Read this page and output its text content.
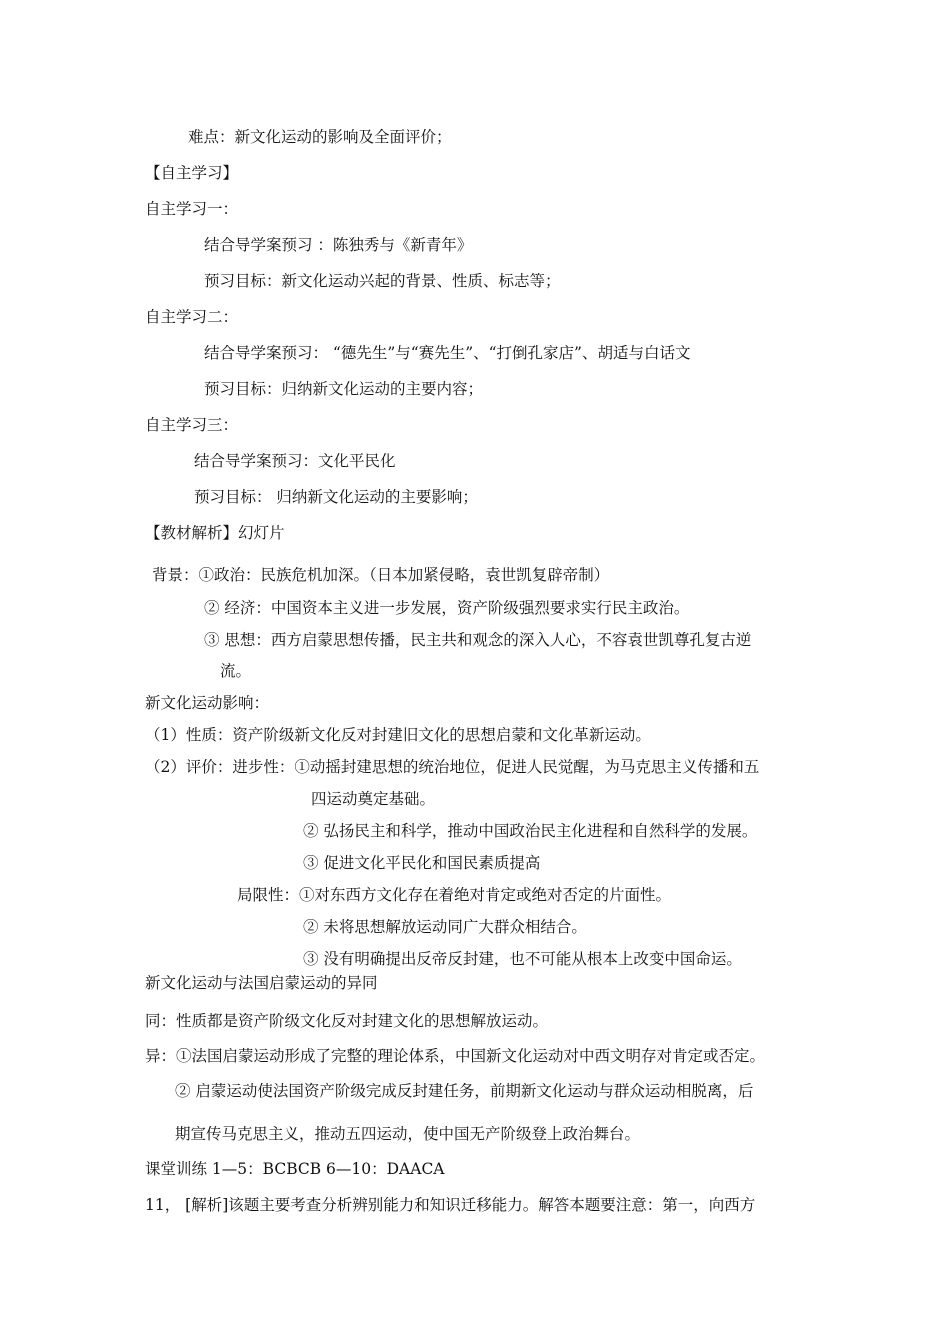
难点：新文化运动的影响及全面评价；
【自主学习】
自主学习一：
结合导学案预习 ：陈独秀与《新青年》
预习目标：新文化运动兴起的背景、性质、标志等；
自主学习二：
结合导学案预习： “德先生”与“赛先生”、“打倒孔家店”、胡适与白话文
预习目标：归纳新文化运动的主要内容；
自主学习三：
结合导学案预习：文化平民化
预习目标： 归纳新文化运动的主要影响；
【教材解析】幻灯片
背景：①政治：民族危机加深。（日本加紧侵略，袁世凯复辟帝制）
② 经济：中国资本主义进一步发展，资产阶级强烈要求实行民主政治。
③ 思想：西方启蒙思想传播，民主共和观念的深入人心，不容袁世凯尊孔复古逆
流。
新文化运动影响：
（1）性质：资产阶级新文化反对封建旧文化的思想启蒙和文化革新运动。
（2）评价：进步性：①动摇封建思想的统治地位，促进人民觉醒，为马克思主义传播和五
四运动奠定基础。
② 弘扬民主和科学，推动中国政治民主化进程和自然科学的发展。
③ 促进文化平民化和国民素质提高
局限性：①对东西方文化存在着绝对肯定或绝对否定的片面性。
② 未将思想解放运动同广大群众相结合。
③ 没有明确提出反帝反封建，也不可能从根本上改变中国命运。
新文化运动与法国启蒙运动的异同
同：性质都是资产阶级文化反对封建文化的思想解放运动。
异：①法国启蒙运动形成了完整的理论体系，中国新文化运动对中西文明存对肯定或否定。
② 启蒙运动使法国资产阶级完成反封建任务，前期新文化运动与群众运动相脱离，后
期宣传马克思主义，推动五四运动，使中国无产阶级登上政治舞台。
课堂训练 1—5：BCBCB 6—10：DAACA
11， [解析]该题主要考查分析辨别能力和知识迁移能力。解答本题要注意：第一，向西方
